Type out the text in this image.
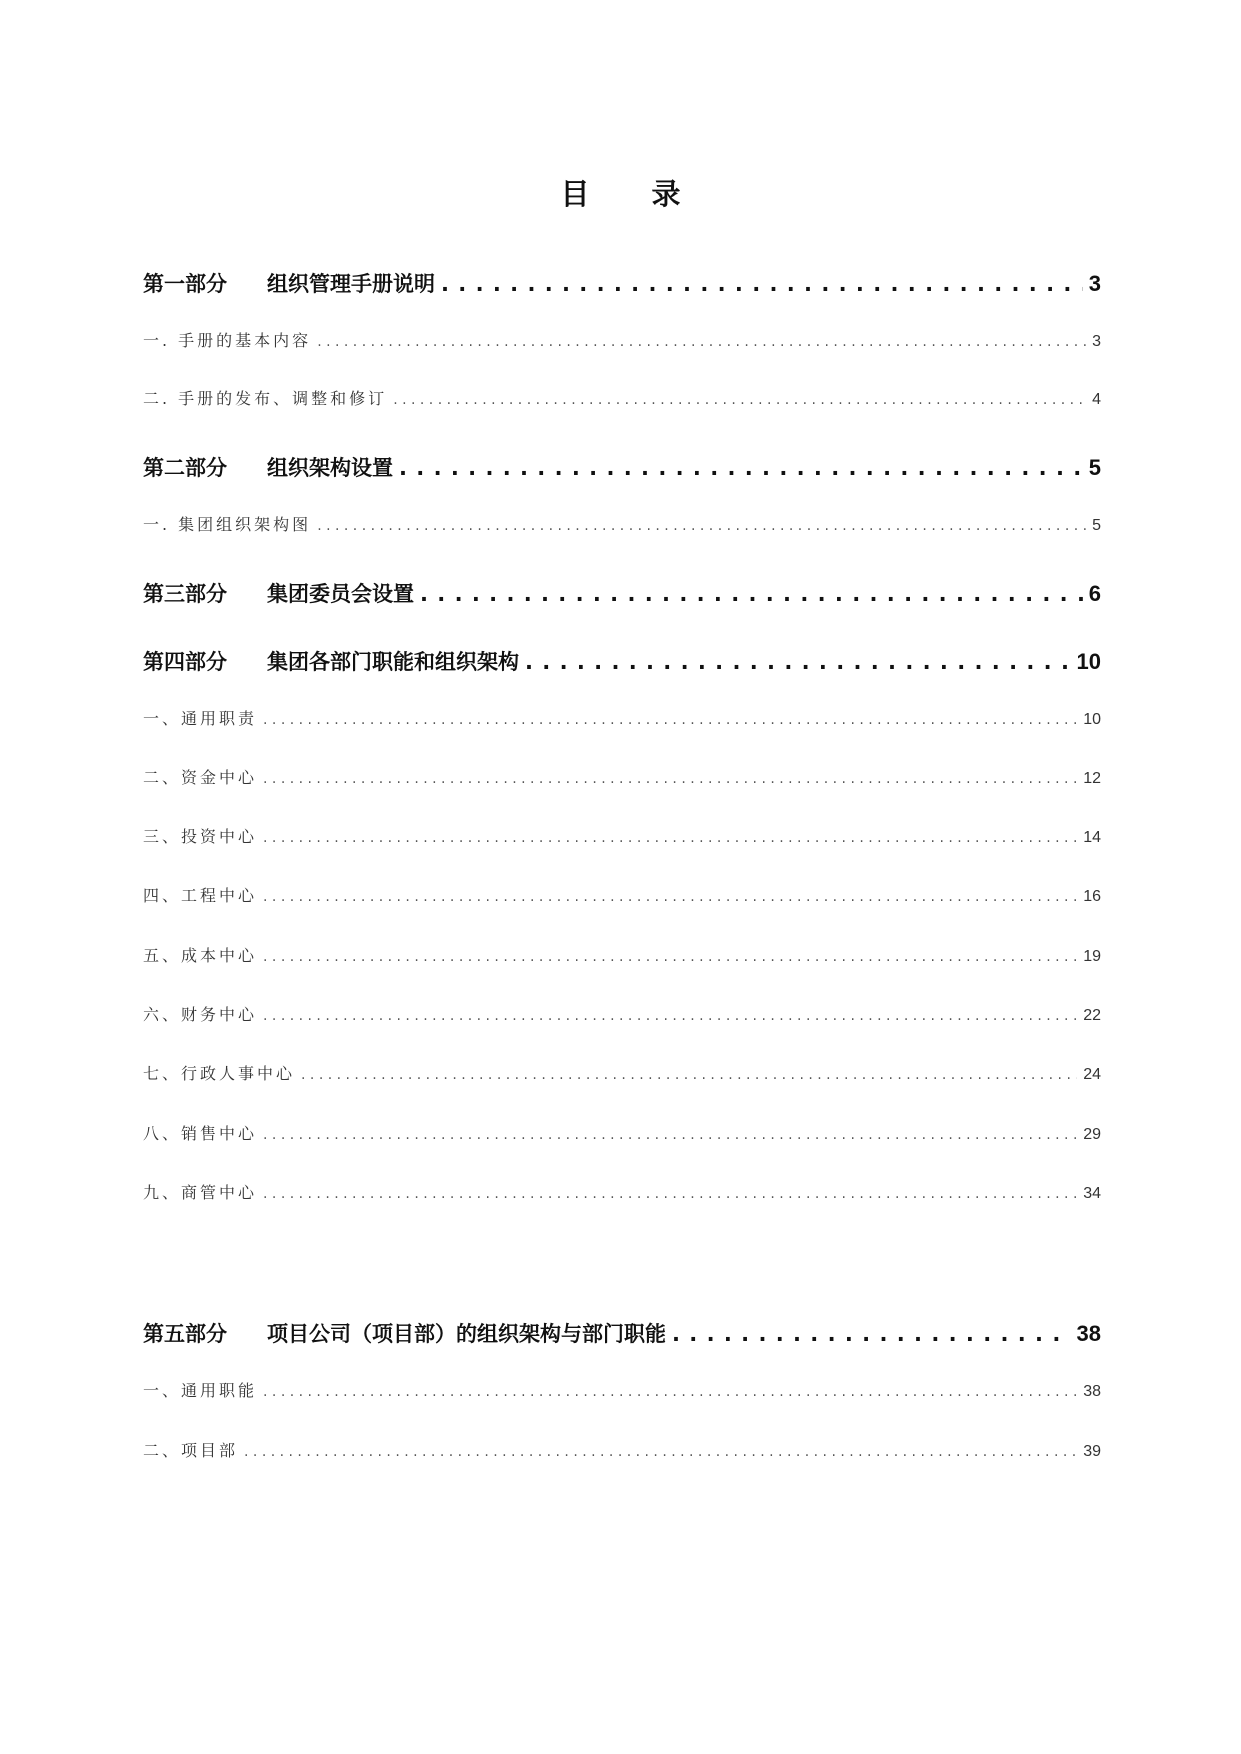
目 录
第一部分	组织管理手册说明 . . .	3
一. 手册的基本内容 . . .	3
二. 手册的发布、调整和修订 . . .	4
第二部分	组织架构设置 . . .	5
一. 集团组织架构图 . . .	5
第三部分	集团委员会设置 . . .	6
第四部分	集团各部门职能和组织架构 . . .	10
一、通用职责 . . .	10
二、资金中心 . . .	12
三、投资中心 . . .	14
四、工程中心 . . .	16
五、成本中心 . . .	19
六、财务中心 . . .	22
七、行政人事中心 . . .	24
八、销售中心 . . .	29
九、商管中心 . . .	34
第五部分	项目公司（项目部）的组织架构与部门职能 . . .	38
一、通用职能 . . .	38
二、项目部 . . .	39
